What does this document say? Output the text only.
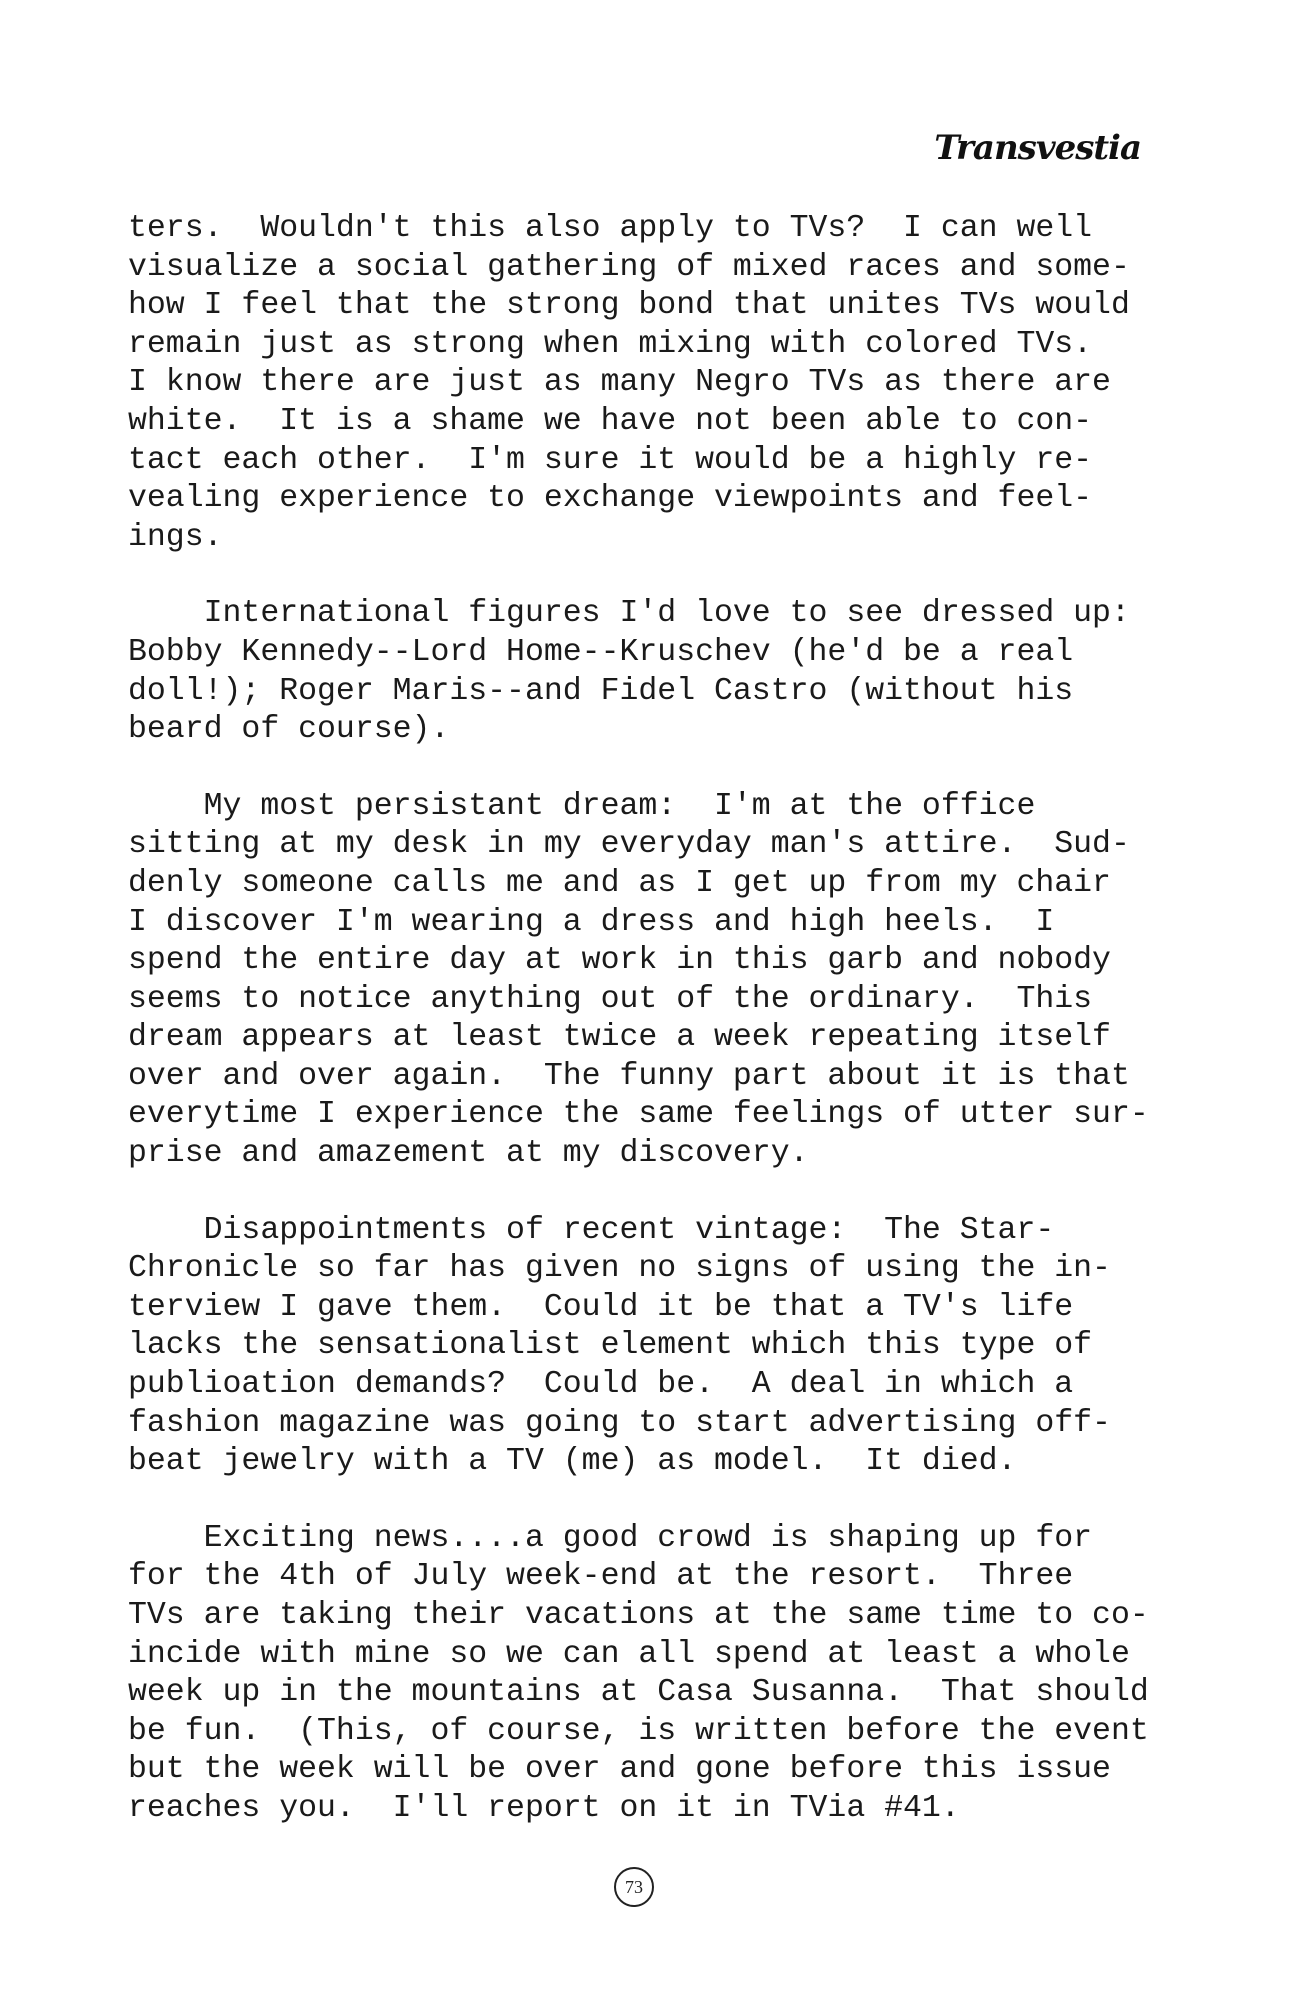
Transvestia
ters.  Wouldn't this also apply to TVs?  I can well
visualize a social gathering of mixed races and some-
how I feel that the strong bond that unites TVs would
remain just as strong when mixing with colored TVs.
I know there are just as many Negro TVs as there are
white.  It is a shame we have not been able to con-
tact each other.  I'm sure it would be a highly re-
vealing experience to exchange viewpoints and feel-
ings.
International figures I'd love to see dressed up:
Bobby Kennedy--Lord Home--Kruschev (he'd be a real
doll!); Roger Maris--and Fidel Castro (without his
beard of course).
My most persistant dream:  I'm at the office
sitting at my desk in my everyday man's attire.  Sud-
denly someone calls me and as I get up from my chair
I discover I'm wearing a dress and high heels.  I
spend the entire day at work in this garb and nobody
seems to notice anything out of the ordinary.  This
dream appears at least twice a week repeating itself
over and over again.  The funny part about it is that
everytime I experience the same feelings of utter sur-
prise and amazement at my discovery.
Disappointments of recent vintage:  The Star-
Chronicle so far has given no signs of using the in-
terview I gave them.  Could it be that a TV's life
lacks the sensationalist element which this type of
publioation demands?  Could be.  A deal in which a
fashion magazine was going to start advertising off-
beat jewelry with a TV (me) as model.  It died.
Exciting news....a good crowd is shaping up for
for the 4th of July week-end at the resort.  Three
TVs are taking their vacations at the same time to co-
incide with mine so we can all spend at least a whole
week up in the mountains at Casa Susanna.  That should
be fun.  (This, of course, is written before the event
but the week will be over and gone before this issue
reaches you.  I'll report on it in TVia #41.
73
